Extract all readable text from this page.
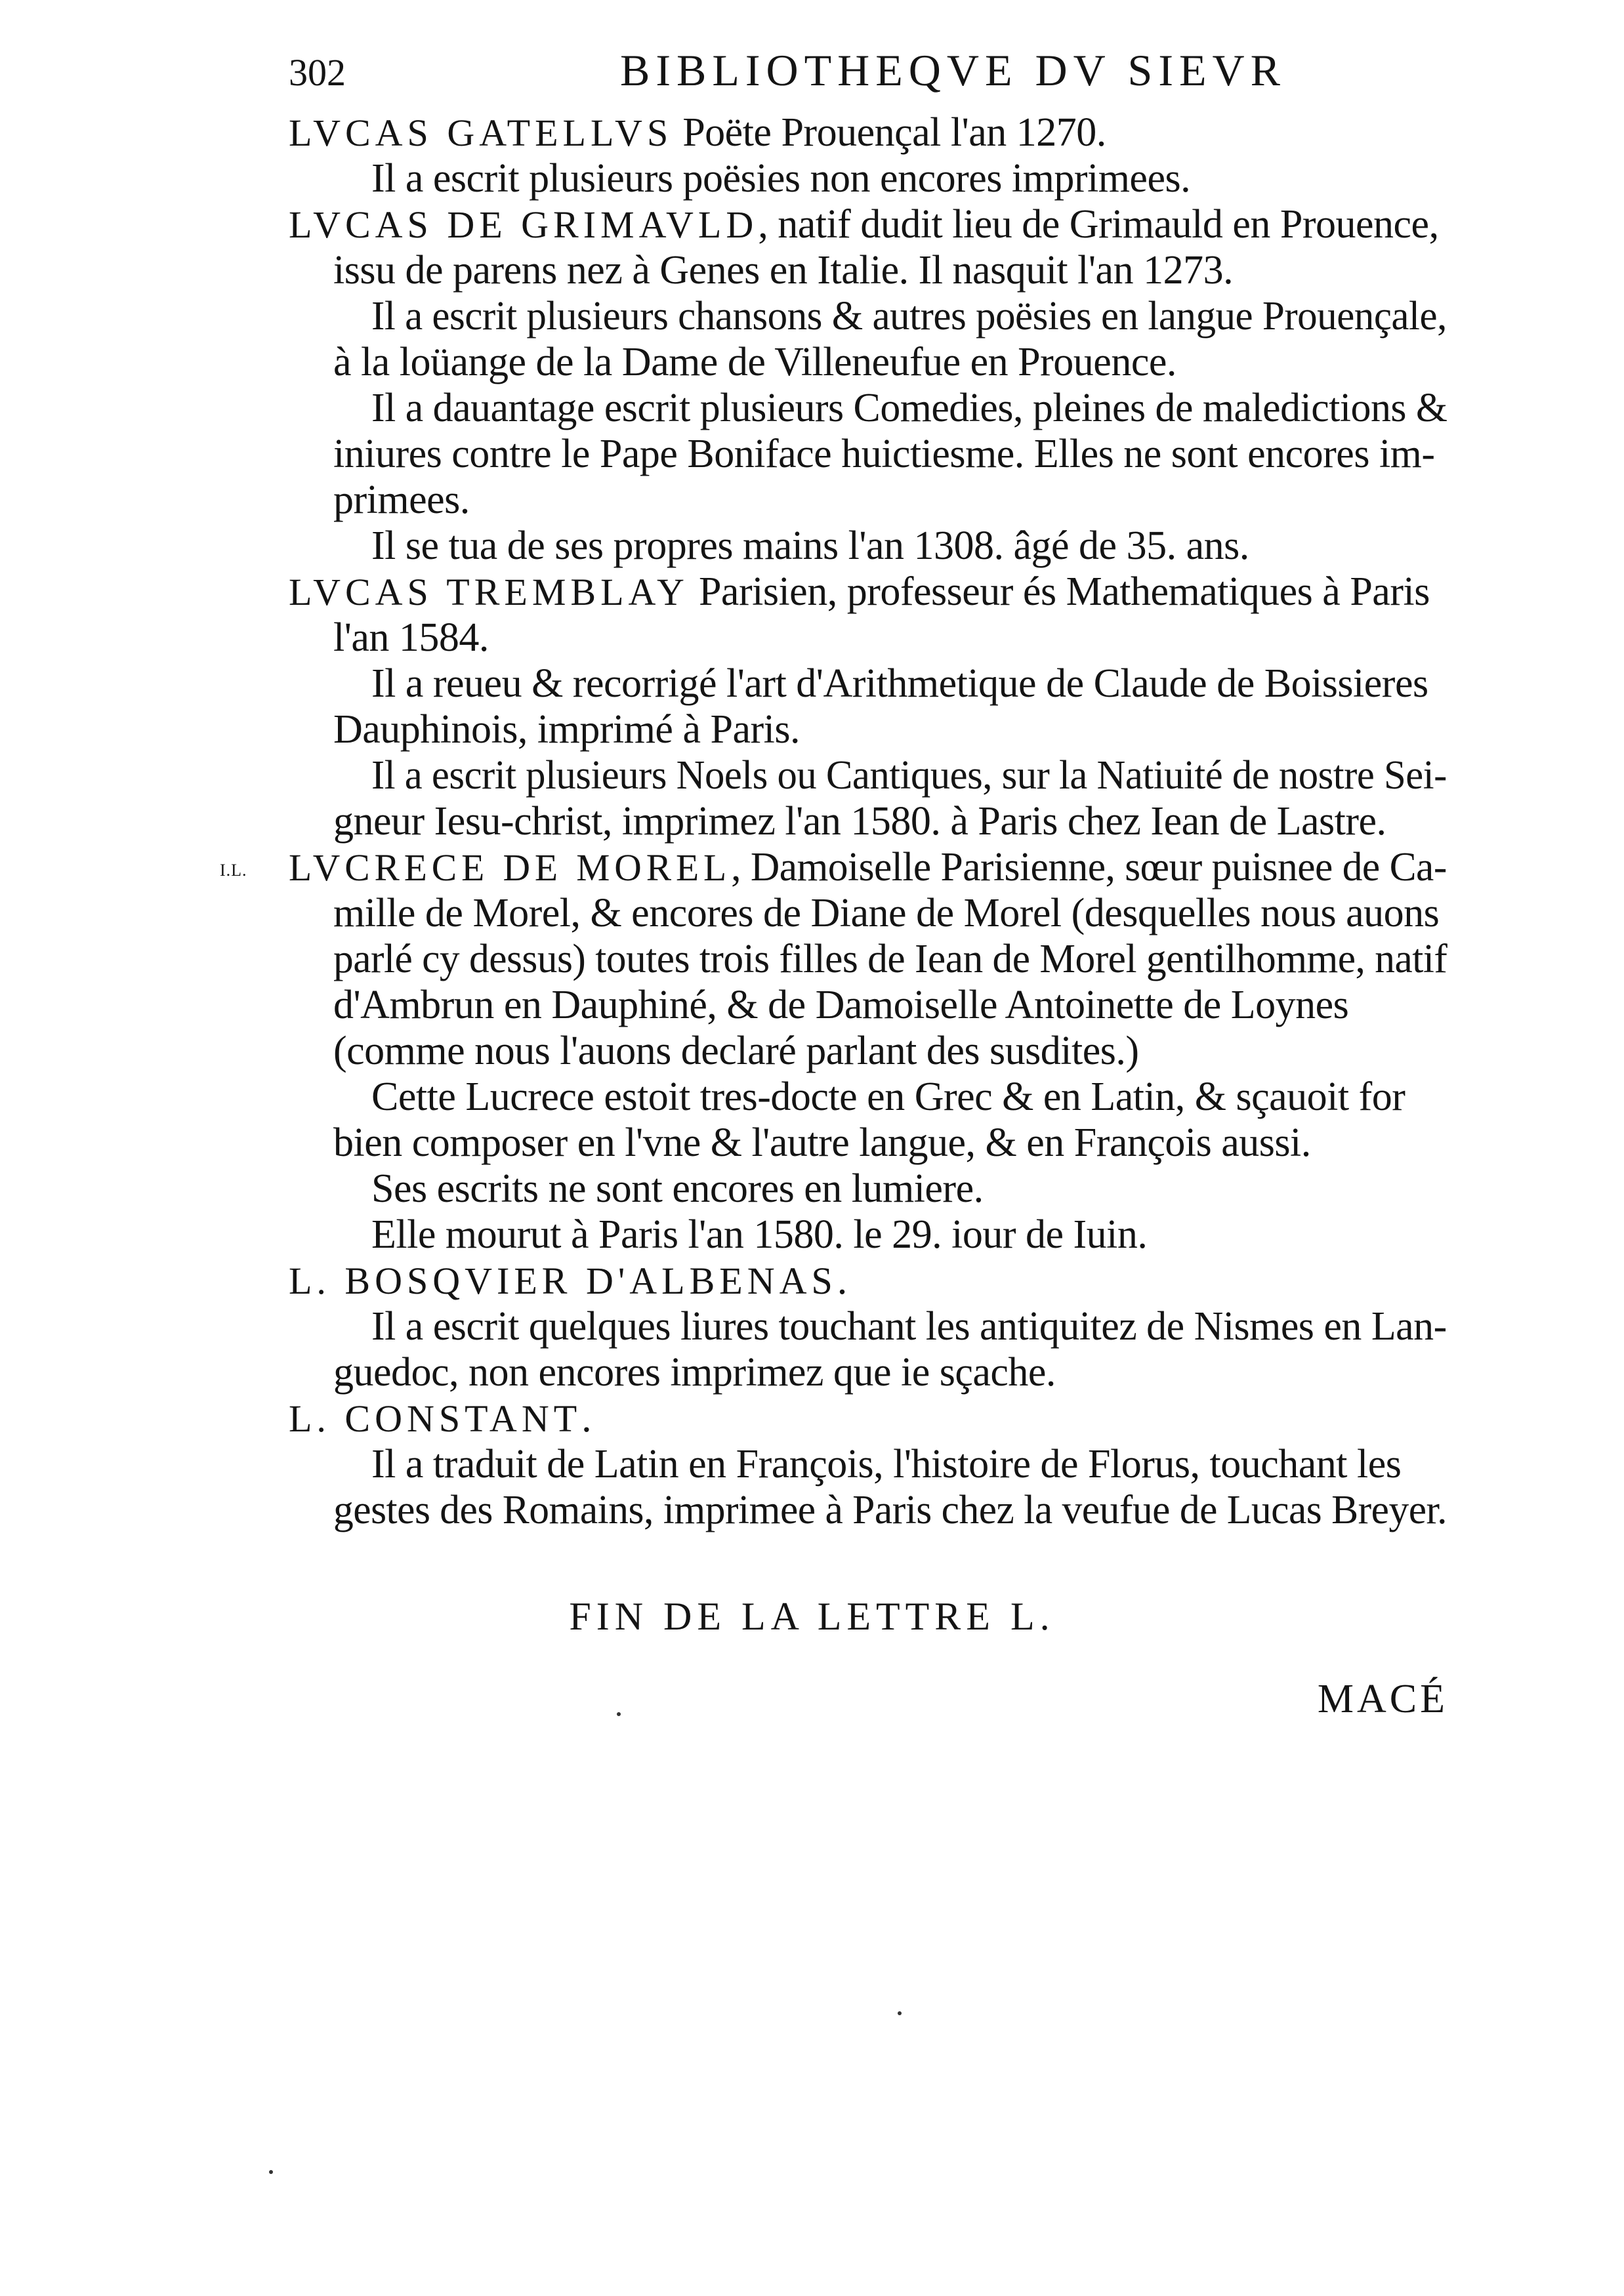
302	BIBLIOTHEQVE DV SIEVR
LVCAS GATELLVS Poëte Prouençal l'an 1270.
Il a escrit plusieurs poësies non encores imprimees.
LVCAS DE GRIMAVLD, natif dudit lieu de Grimauld en Prouence,
issu de parens nez à Genes en Italie. Il nasquit l'an 1273.
Il a escrit plusieurs chansons & autres poësies en langue Prouençale,
à la loüange de la Dame de Villeneufue en Prouence.
Il a dauantage escrit plusieurs Comedies, pleines de maledictions &
iniures contre le Pape Boniface huictiesme. Elles ne sont encores im-
primees.
Il se tua de ses propres mains l'an 1308. âgé de 35. ans.
LVCAS TREMBLAY Parisien, professeur és Mathematiques à Paris
l'an 1584.
Il a reueu & recorrigé l'art d'Arithmetique de Claude de Boissieres
Dauphinois, imprimé à Paris.
Il a escrit plusieurs Noels ou Cantiques, sur la Natiuité de nostre Sei-
gneur Iesu-christ, imprimez l'an 1580. à Paris chez Iean de Lastre.
I.L. LVCRECE DE MOREL, Damoiselle Parisienne, sœur puisnee de Ca-
mille de Morel, & encores de Diane de Morel (desquelles nous auons
parlé cy dessus) toutes trois filles de Iean de Morel gentilhomme, natif
d'Ambrun en Dauphiné, & de Damoiselle Antoinette de Loynes
(comme nous l'auons declaré parlant des susdites.)
Cette Lucrece estoit tres-docte en Grec & en Latin, & sçauoit for
bien composer en l'vne & l'autre langue, & en François aussi.
Ses escrits ne sont encores en lumiere.
Elle mourut à Paris l'an 1580. le 29. iour de Iuin.
L. BOSQVIER D'ALBENAS.
Il a escrit quelques liures touchant les antiquitez de Nismes en Lan-
guedoc, non encores imprimez que ie sçache.
L. CONSTANT.
Il a traduit de Latin en François, l'histoire de Florus, touchant les
gestes des Romains, imprimee à Paris chez la veufue de Lucas Breyer.
FIN DE LA LETTRE L.
MACÉ
